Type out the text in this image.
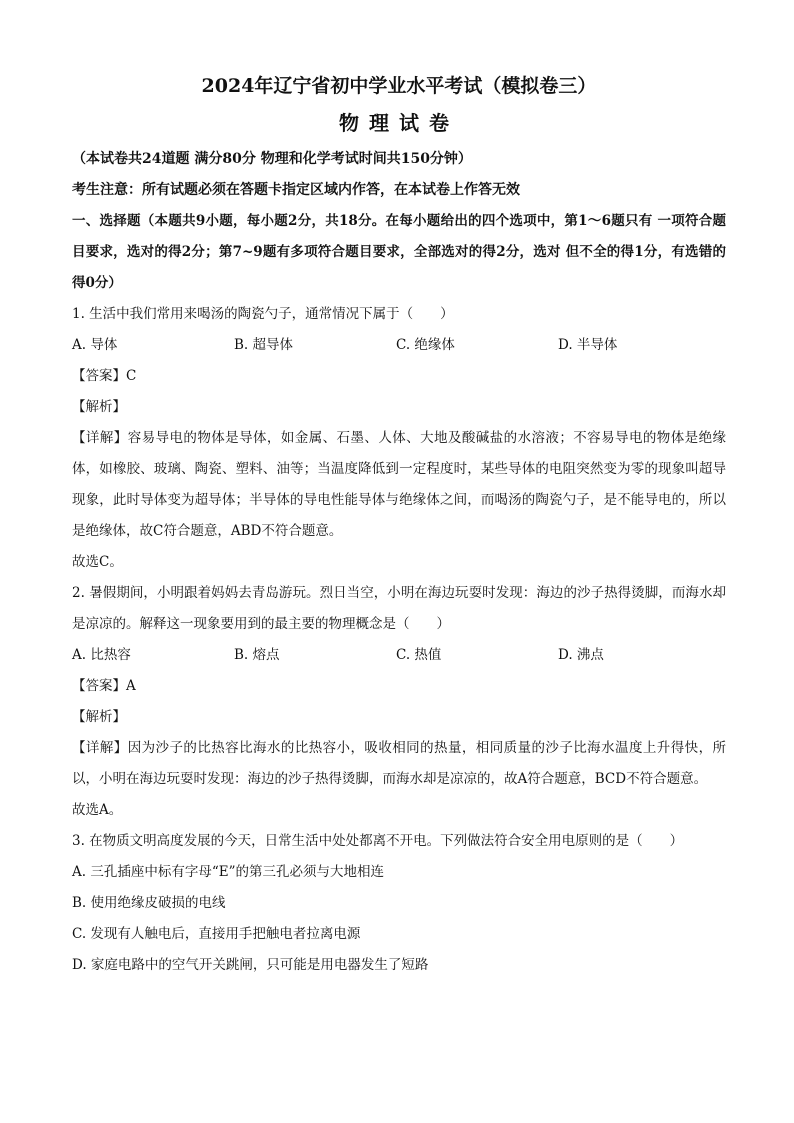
2024年辽宁省初中学业水平考试（模拟卷三）
物理试卷
（本试卷共24道题 满分80分 物理和化学考试时间共150分钟）
考生注意：所有试题必须在答题卡指定区域内作答，在本试卷上作答无效
一、选择题（本题共9小题，每小题2分，共18分。在每小题给出的四个选项中，第1～6题只有 一项符合题目要求，选对的得2分；第7~9题有多项符合题目要求，全部选对的得2分，选对 但不全的得1分，有选错的得0分）
1. 生活中我们常用来喝汤的陶瓷勺子，通常情况下属于（　　）
A. 导体	B. 超导体	C. 绝缘体	D. 半导体
【答案】C
【解析】
【详解】容易导电的物体是导体，如金属、石墨、人体、大地及酸碱盐的水溶液；不容易导电的物体是绝缘体，如橡胶、玻璃、陶瓷、塑料、油等；当温度降低到一定程度时，某些导体的电阻突然变为零的现象叫超导现象，此时导体变为超导体；半导体的导电性能导体与绝缘体之间，而喝汤的陶瓷勺子，是不能导电的，所以是绝缘体，故C符合题意，ABD不符合题意。
故选C。
2. 暑假期间，小明跟着妈妈去青岛游玩。烈日当空，小明在海边玩耍时发现：海边的沙子热得烫脚，而海水却是凉凉的。解释这一现象要用到的最主要的物理概念是（　　）
A. 比热容	B. 熔点	C. 热值	D. 沸点
【答案】A
【解析】
【详解】因为沙子的比热容比海水的比热容小，吸收相同的热量，相同质量的沙子比海水温度上升得快，所以，小明在海边玩耍时发现：海边的沙子热得烫脚，而海水却是凉凉的，故A符合题意，BCD不符合题意。
故选A。
3. 在物质文明高度发展的今天，日常生活中处处都离不开电。下列做法符合安全用电原则的是（　　）
A. 三孔插座中标有字母“E”的第三孔必须与大地相连
B. 使用绝缘皮破损的电线
C. 发现有人触电后，直接用手把触电者拉离电源
D. 家庭电路中的空气开关跳闸，只可能是用电器发生了短路
